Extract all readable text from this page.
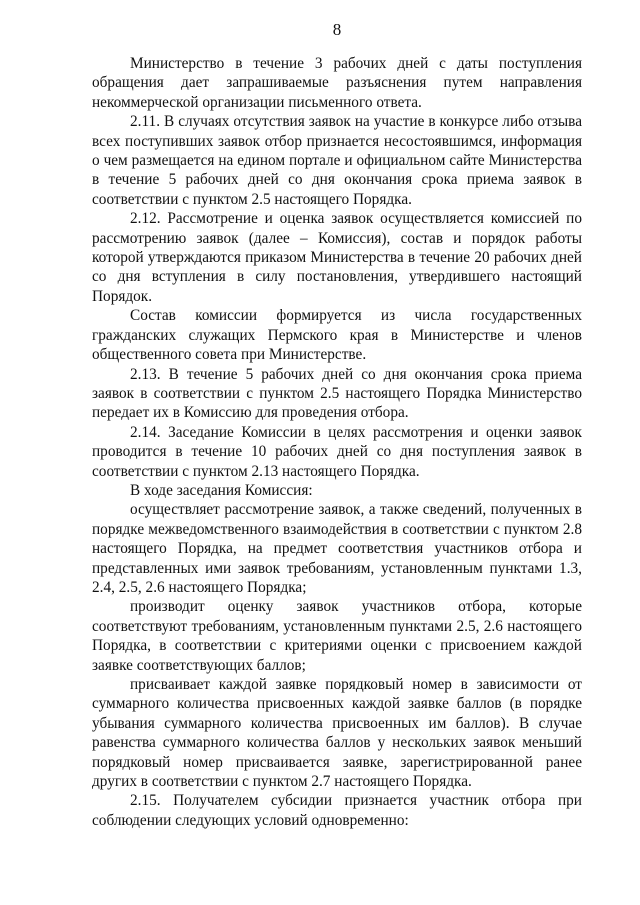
8

Министерство в течение 3 рабочих дней с даты поступления обращения дает запрашиваемые разъяснения путем направления некоммерческой организации письменного ответа.

2.11. В случаях отсутствия заявок на участие в конкурсе либо отзыва всех поступивших заявок отбор признается несостоявшимся, информация о чем размещается на едином портале и официальном сайте Министерства в течение 5 рабочих дней со дня окончания срока приема заявок в соответствии с пунктом 2.5 настоящего Порядка.

2.12. Рассмотрение и оценка заявок осуществляется комиссией по рассмотрению заявок (далее – Комиссия), состав и порядок работы которой утверждаются приказом Министерства в течение 20 рабочих дней со дня вступления в силу постановления, утвердившего настоящий Порядок.

Состав комиссии формируется из числа государственных гражданских служащих Пермского края в Министерстве и членов общественного совета при Министерстве.

2.13. В течение 5 рабочих дней со дня окончания срока приема заявок в соответствии с пунктом 2.5 настоящего Порядка Министерство передает их в Комиссию для проведения отбора.

2.14. Заседание Комиссии в целях рассмотрения и оценки заявок проводится в течение 10 рабочих дней со дня поступления заявок в соответствии с пунктом 2.13 настоящего Порядка.

В ходе заседания Комиссия:

осуществляет рассмотрение заявок, а также сведений, полученных в порядке межведомственного взаимодействия в соответствии с пунктом 2.8 настоящего Порядка, на предмет соответствия участников отбора и представленных ими заявок требованиям, установленным пунктами 1.3, 2.4, 2.5, 2.6 настоящего Порядка;

производит оценку заявок участников отбора, которые соответствуют требованиям, установленным пунктами 2.5, 2.6 настоящего Порядка, в соответствии с критериями оценки с присвоением каждой заявке соответствующих баллов;

присваивает каждой заявке порядковый номер в зависимости от суммарного количества присвоенных каждой заявке баллов (в порядке убывания суммарного количества присвоенных им баллов). В случае равенства суммарного количества баллов у нескольких заявок меньший порядковый номер присваивается заявке, зарегистрированной ранее других в соответствии с пунктом 2.7 настоящего Порядка.

2.15. Получателем субсидии признается участник отбора при соблюдении следующих условий одновременно:
